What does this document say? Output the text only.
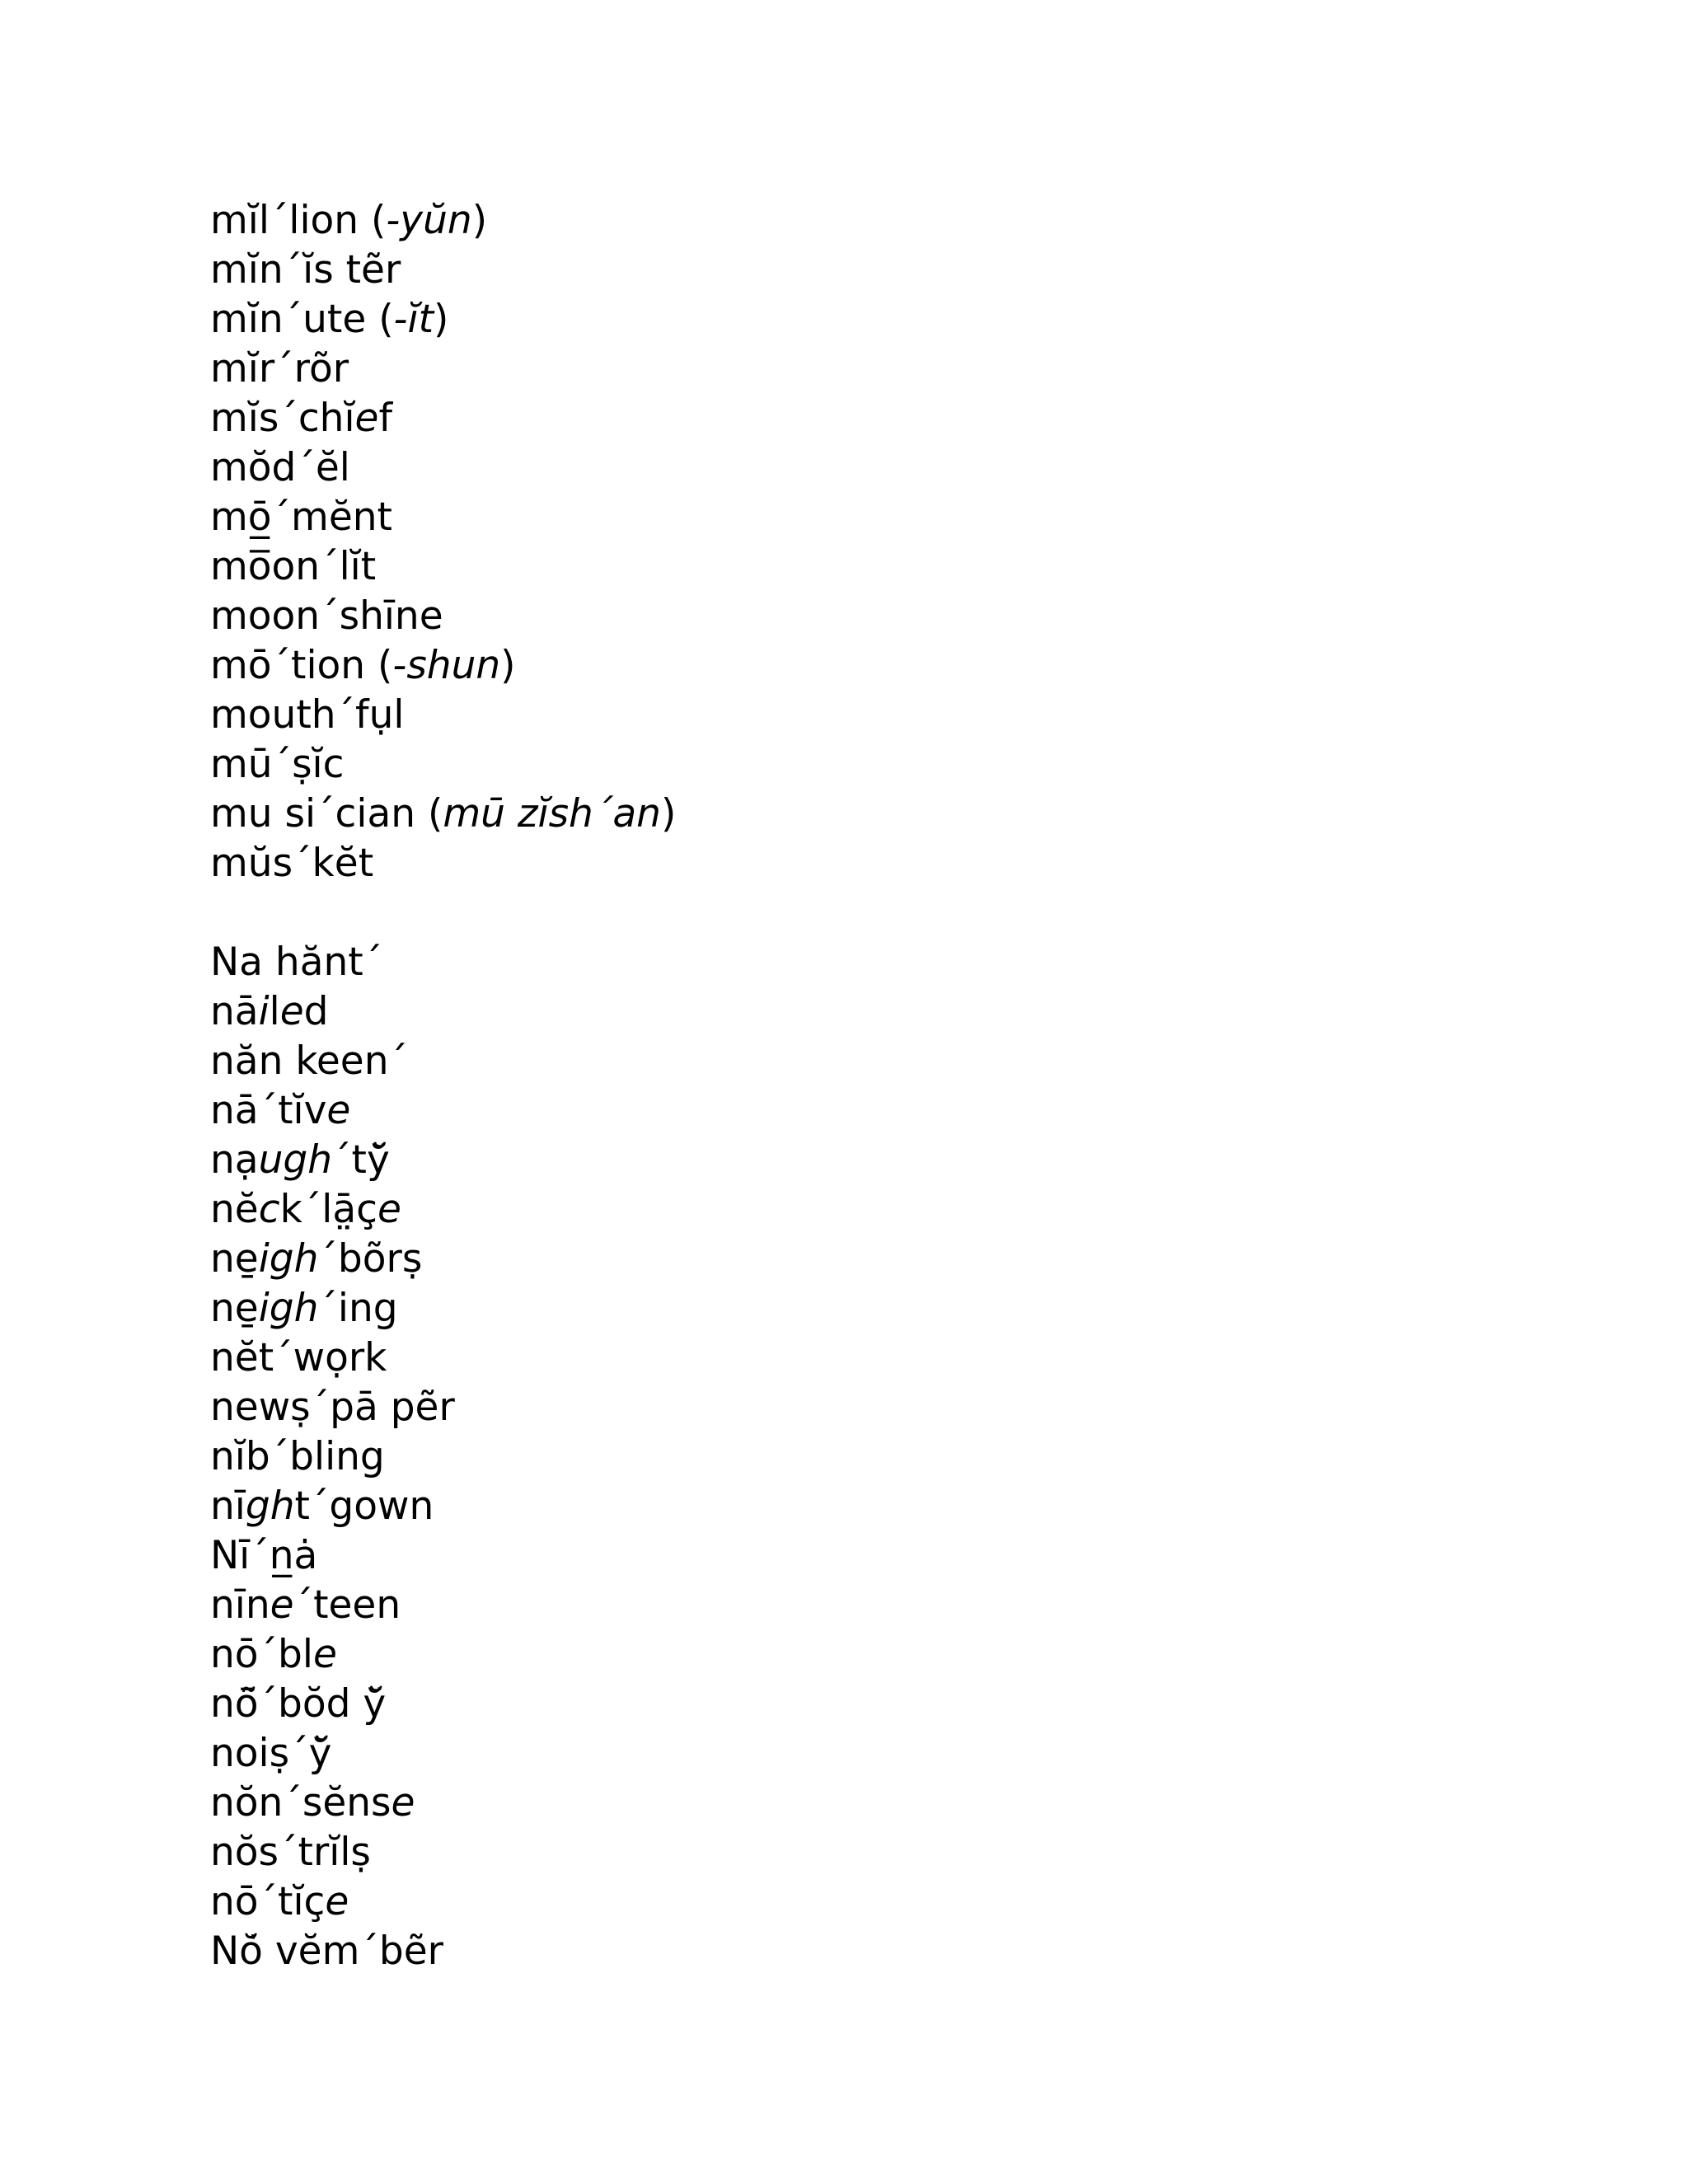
mĭl´lion (-yŭn)
mĭn´ĭs tẽr
mĭn´ute (-ĭt)
mĭr´rõr
mĭs´chĭef
mŏd´ĕl
mō̲´mĕnt
mo̅on´lĭt
moon´shīne
mō´tion (-shun)
mouth´fụl
mū´ṣĭc
mu si´cian (mū zĭsh´an)
mŭs´kĕt
Na hănt´
nāiled
năn keen´
nā´tĭve
nạugh´tў̆
nĕck´lā̤çe
ne̱igh´bõrṣ
ne̱igh´ing
nĕt´wọrk
newṣ´pā pẽr
nĭb´bling
nīght´gown
Nī´n̲ȧ
nīne´teen
nō´ble
nō̃´bŏd ў̆
noiṣ´ў̆
nŏn´sĕnse
nŏs´trĭlṣ
nō´tĭçe
Nŏ̇ vĕm´bẽr
